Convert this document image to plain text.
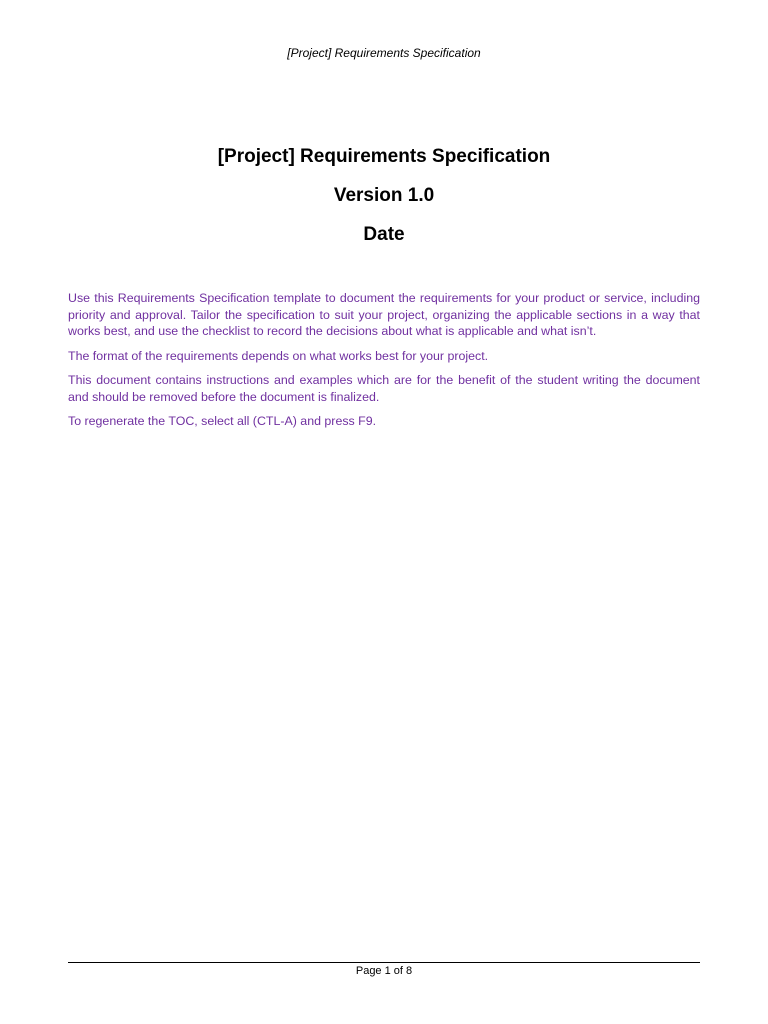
[Project] Requirements Specification
[Project] Requirements Specification
Version 1.0
Date

Use this Requirements Specification template to document the requirements for your product or service, including priority and approval. Tailor the specification to suit your project, organizing the applicable sections in a way that works best, and use the checklist to record the decisions about what is applicable and what isn’t.

The format of the requirements depends on what works best for your project.

This document contains instructions and examples which are for the benefit of the student writing the document and should be removed before the document is finalized.

To regenerate the TOC, select all (CTL-A) and press F9.

Page 1 of 8
